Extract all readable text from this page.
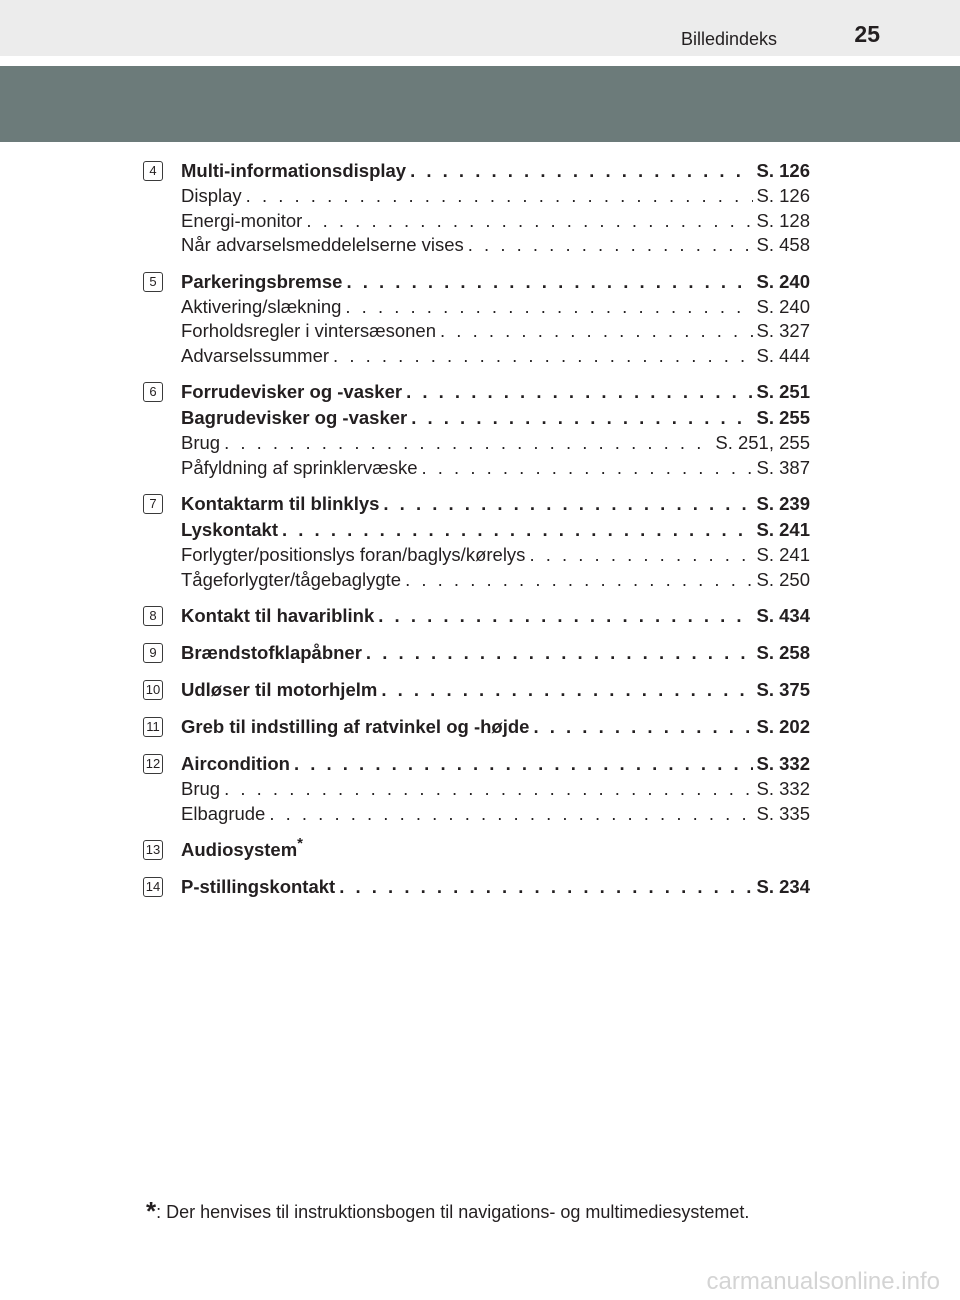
Billedindeks	25
4	Multi-informationsdisplay . . .	S. 126
Display . . .	S. 126
Energi-monitor . . .	S. 128
Når advarselsmeddelelserne vises . . .	S. 458
5	Parkeringsbremse . . .	S. 240
Aktivering/slækning . . .	S. 240
Forholdsregler i vintersæsonen . . .	S. 327
Advarselssummer . . .	S. 444
6	Forrudevisker og -vasker . . .	S. 251
Bagrudevisker og -vasker . . .	S. 255
Brug . . .	S. 251, 255
Påfyldning af sprinklervæske . . .	S. 387
7	Kontaktarm til blinklys . . .	S. 239
Lyskontakt . . .	S. 241
Forlygter/positionslys foran/baglys/kørelys . . .	S. 241
Tågeforlygter/tågebaglygte . . .	S. 250
8	Kontakt til havariblink . . .	S. 434
9	Brændstofklapåbner . . .	S. 258
10 Udløser til motorhjelm . . .	S. 375
11 Greb til indstilling af ratvinkel og -højde . . .	S. 202
12 Aircondition . . .	S. 332
Brug . . .	S. 332
Elbagrude . . .	S. 335
13 Audiosystem*
14 P-stillingskontakt . . .	S. 234
*: Der henvises til instruktionsbogen til navigations- og multimediesystemet.
carmanualsonline.info
